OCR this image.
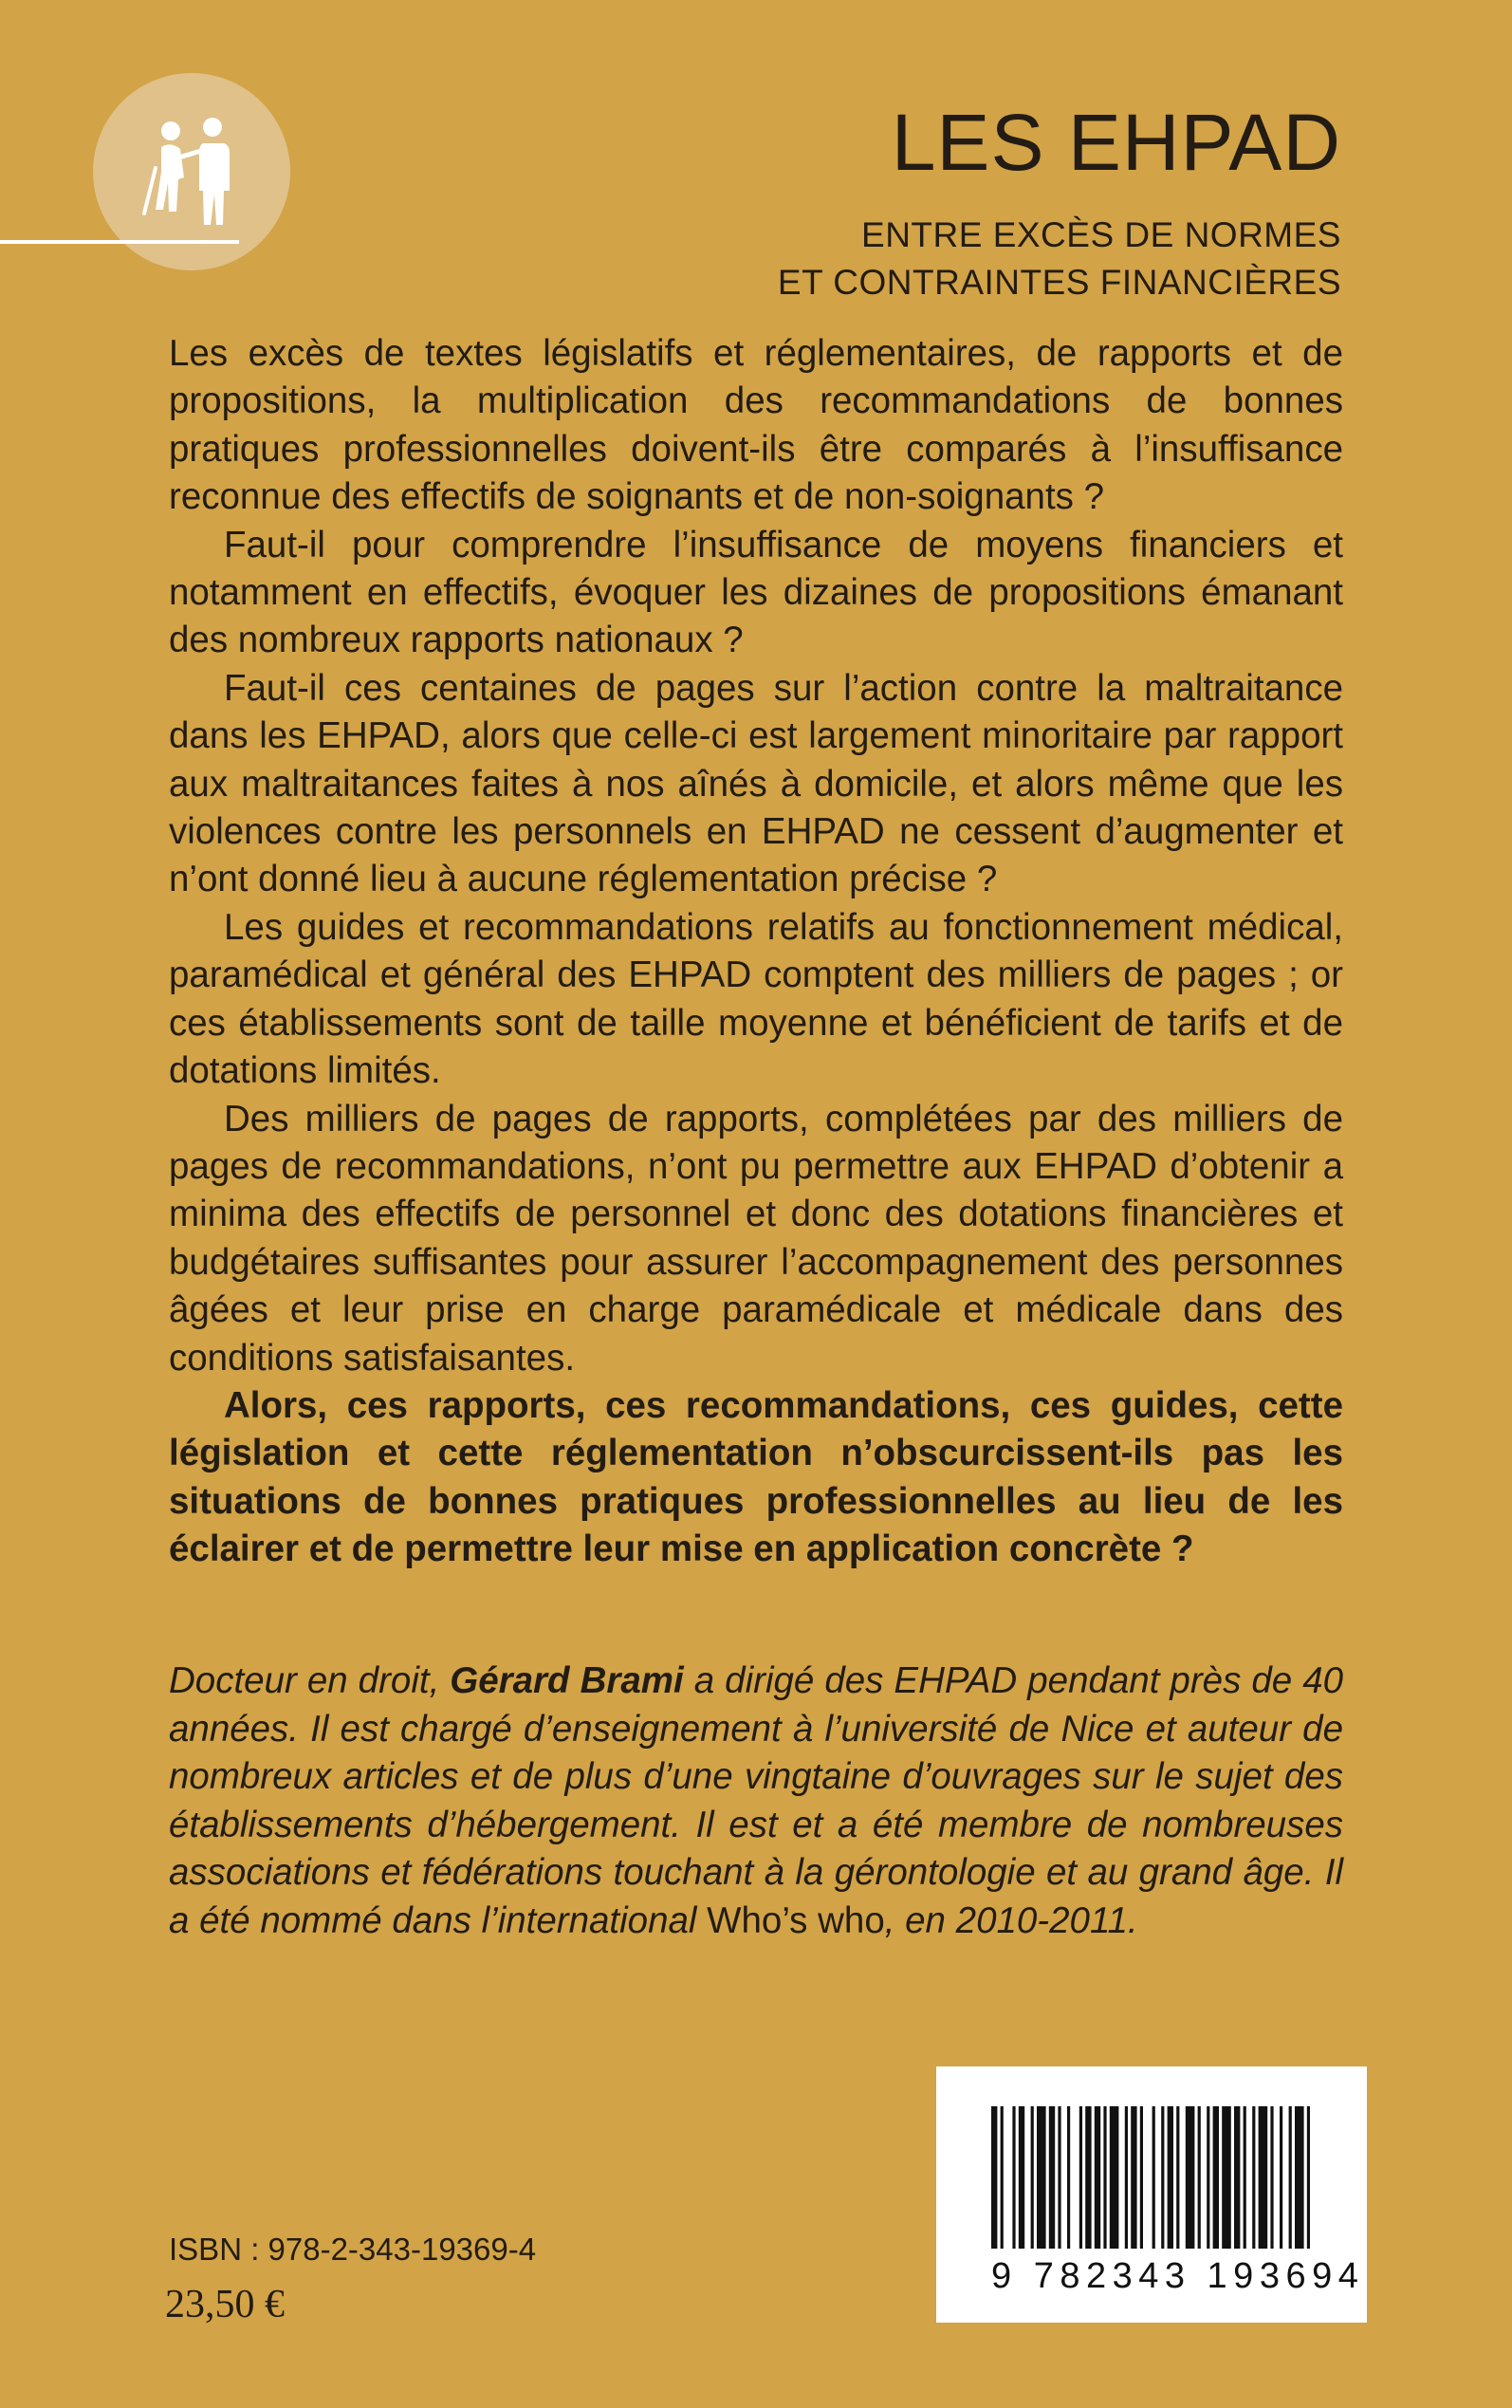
LES EHPAD
ENTRE EXCÈS DE NORMES
ET CONTRAINTES FINANCIÈRES

Les excès de textes législatifs et réglementaires, de rapports et de propositions, la multiplication des recommandations de bonnes pratiques professionnelles doivent-ils être comparés à l’insuffisance reconnue des effectifs de soignants et de non-soignants ?

Faut-il pour comprendre l’insuffisance de moyens financiers et notamment en effectifs, évoquer les dizaines de propositions émanant des nombreux rapports nationaux ?

Faut-il ces centaines de pages sur l’action contre la maltraitance dans les EHPAD, alors que celle-ci est largement minoritaire par rapport aux maltraitances faites à nos aînés à domicile, et alors même que les violences contre les personnels en EHPAD ne cessent d’augmenter et n’ont donné lieu à aucune réglementation précise ?

Les guides et recommandations relatifs au fonctionnement médical, paramédical et général des EHPAD comptent des milliers de pages ; or ces établissements sont de taille moyenne et bénéficient de tarifs et de dotations limités.

Des milliers de pages de rapports, complétées par des milliers de pages de recommandations, n’ont pu permettre aux EHPAD d’obtenir a minima des effectifs de personnel et donc des dotations financières et budgétaires suffisantes pour assurer l’accompagnement des personnes âgées et leur prise en charge paramédicale et médicale dans des conditions satisfaisantes.

Alors, ces rapports, ces recommandations, ces guides, cette législation et cette réglementation n’obscurcissent-ils pas les situations de bonnes pratiques professionnelles au lieu de les éclairer et de permettre leur mise en application concrète ?

Docteur en droit, Gérard Brami a dirigé des EHPAD pendant près de 40 années. Il est chargé d’enseignement à l’université de Nice et auteur de nombreux articles et de plus d’une vingtaine d’ouvrages sur le sujet des établissements d’hébergement. Il est et a été membre de nombreuses associations et fédérations touchant à la gérontologie et au grand âge. Il a été nommé dans l’international Who’s who, en 2010-2011.

ISBN : 978-2-343-19369-4
23,50 €
9 782343 193694
